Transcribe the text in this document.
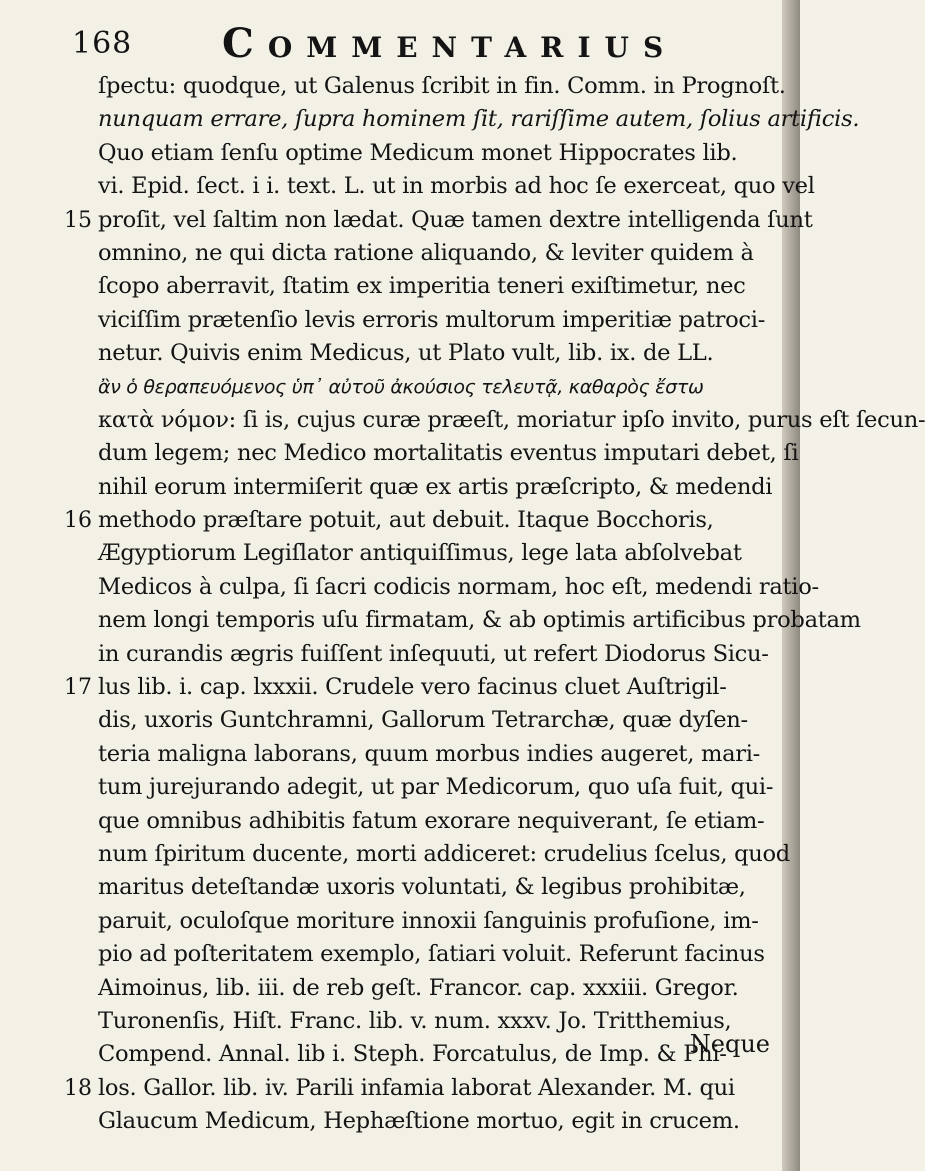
168 Commentarius
ſpectu: quodque, ut Galenus ſcribit in fin. Comm. in Prognoſt.
nunquam errare, ſupra hominem ſit, rariſſime autem, ſolius artificis.
Quo etiam ſenſu optime Medicum monet Hippocrates lib.
vi. Epid. ſect. i i. text. L. ut in morbis ad hoc ſe exerceat, quo vel
15 proſit, vel ſaltim non lædat. Quæ tamen dextre intelligenda ſunt
omnino, ne qui dicta ratione aliquando, & leviter quidem à
ſcopo aberravit, ſtatim ex imperitia teneri exiſtimetur, nec
viciſſim prætenſio levis erroris multorum imperitiæ patroci-
netur. Quivis enim Medicus, ut Plato vult, lib. ix. de LL.
ἂν ὁ θεραπευόμενος ὑπ᾽ αὐτοῦ ἀκούσιος τελευτᾷ, καθαρὸς ἔστω
κατὰ νόμον: ſi is, cujus curæ præeſt, moriatur ipſo invito, purus eſt ſecun-
dum legem; nec Medico mortalitatis eventus imputari debet, ſi
nihil eorum intermiſerit quæ ex artis præſcripto, & medendi
16 methodo præſtare potuit, aut debuit. Itaque Bocchoris,
Ægyptiorum Legiſlator antiquiſſimus, lege lata abſolvebat
Medicos à culpa, ſi ſacri codicis normam, hoc eſt, medendi ratio-
nem longi temporis uſu firmatam, & ab optimis artificibus probatam
in curandis ægris fuiſſent inſequuti, ut refert Diodorus Sicu-
17 lus lib. i. cap. lxxxii. Crudele vero facinus cluet Auſtrigil-
dis, uxoris Guntchramni, Gallorum Tetrarchæ, quæ dyſen-
teria maligna laborans, quum morbus indies augeret, mari-
tum jurejurando adegit, ut par Medicorum, quo uſa fuit, qui-
que omnibus adhibitis fatum exorare nequiverant, ſe etiam-
num ſpiritum ducente, morti addiceret: crudelius ſcelus, quod
maritus deteſtandæ uxoris voluntati, & legibus prohibitæ,
paruit, oculoſque moriture innoxii ſanguinis profuſione, im-
pio ad poſteritatem exemplo, ſatiari voluit. Referunt facinus
Aimoinus, lib. iii. de reb geſt. Francor. cap. xxxiii. Gregor.
Turonenſis, Hiſt. Franc. lib. v. num. xxxv. Jo. Tritthemius,
Compend. Annal. lib i. Steph. Forcatulus, de Imp. & Phi-
18 los. Gallor. lib. iv. Parili infamia laborat Alexander. M. qui
Glaucum Medicum, Hephæſtione mortuo, egit in crucem.
Neque
